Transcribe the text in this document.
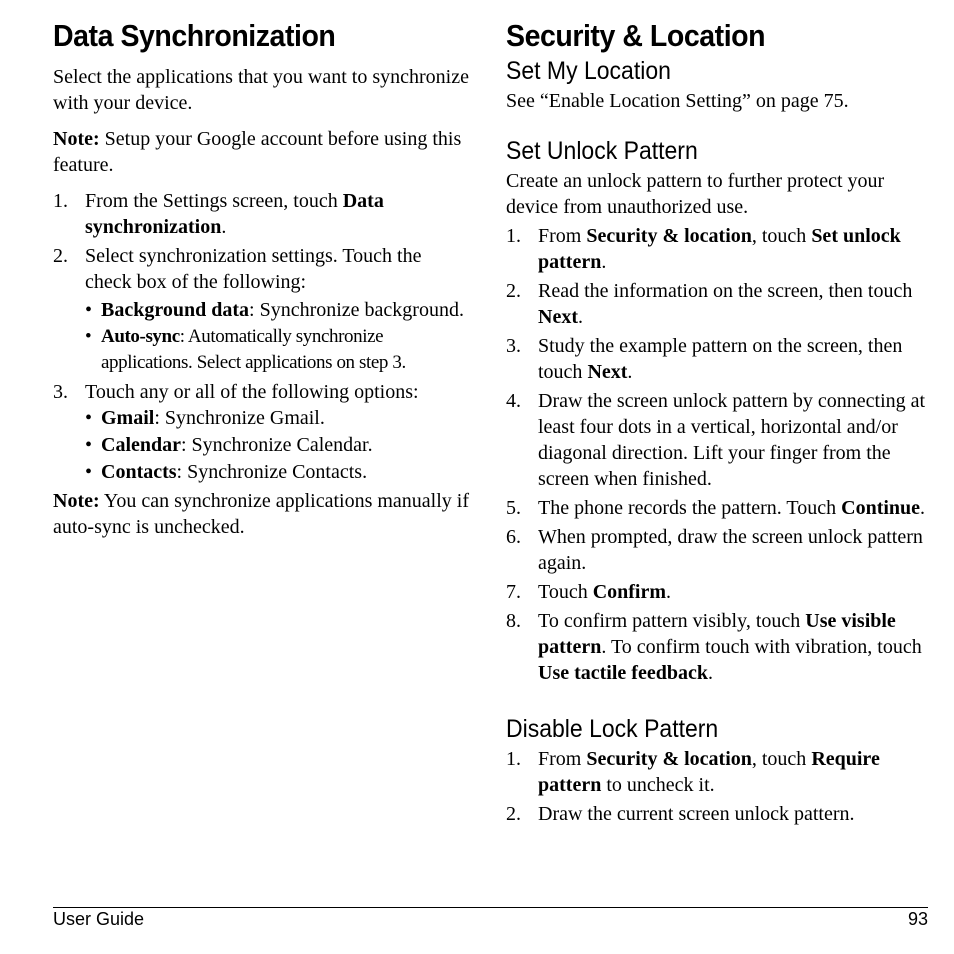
Data Synchronization

Select the applications that you want to synchronize with your device.

Note: Setup your Google account before using this feature.

1. From the Settings screen, touch Data synchronization.
2. Select synchronization settings. Touch the check box of the following:
• Background data: Synchronize background.
• Auto-sync: Automatically synchronize applications. Select applications on step 3.
3. Touch any or all of the following options:
• Gmail: Synchronize Gmail.
• Calendar: Synchronize Calendar.
• Contacts: Synchronize Contacts.

Note: You can synchronize applications manually if auto-sync is unchecked.

Security & Location
Set My Location

See “Enable Location Setting” on page 75.

Set Unlock Pattern

Create an unlock pattern to further protect your device from unauthorized use.

1. From Security & location, touch Set unlock pattern.
2. Read the information on the screen, then touch Next.
3. Study the example pattern on the screen, then touch Next.
4. Draw the screen unlock pattern by connecting at least four dots in a vertical, horizontal and/or diagonal direction. Lift your finger from the screen when finished.
5. The phone records the pattern. Touch Continue.
6. When prompted, draw the screen unlock pattern again.
7. Touch Confirm.
8. To confirm pattern visibly, touch Use visible pattern. To confirm touch with vibration, touch Use tactile feedback.
Disable Lock Pattern
1. From Security & location, touch Require pattern to uncheck it.
2. Draw the current screen unlock pattern.
User Guide	93
